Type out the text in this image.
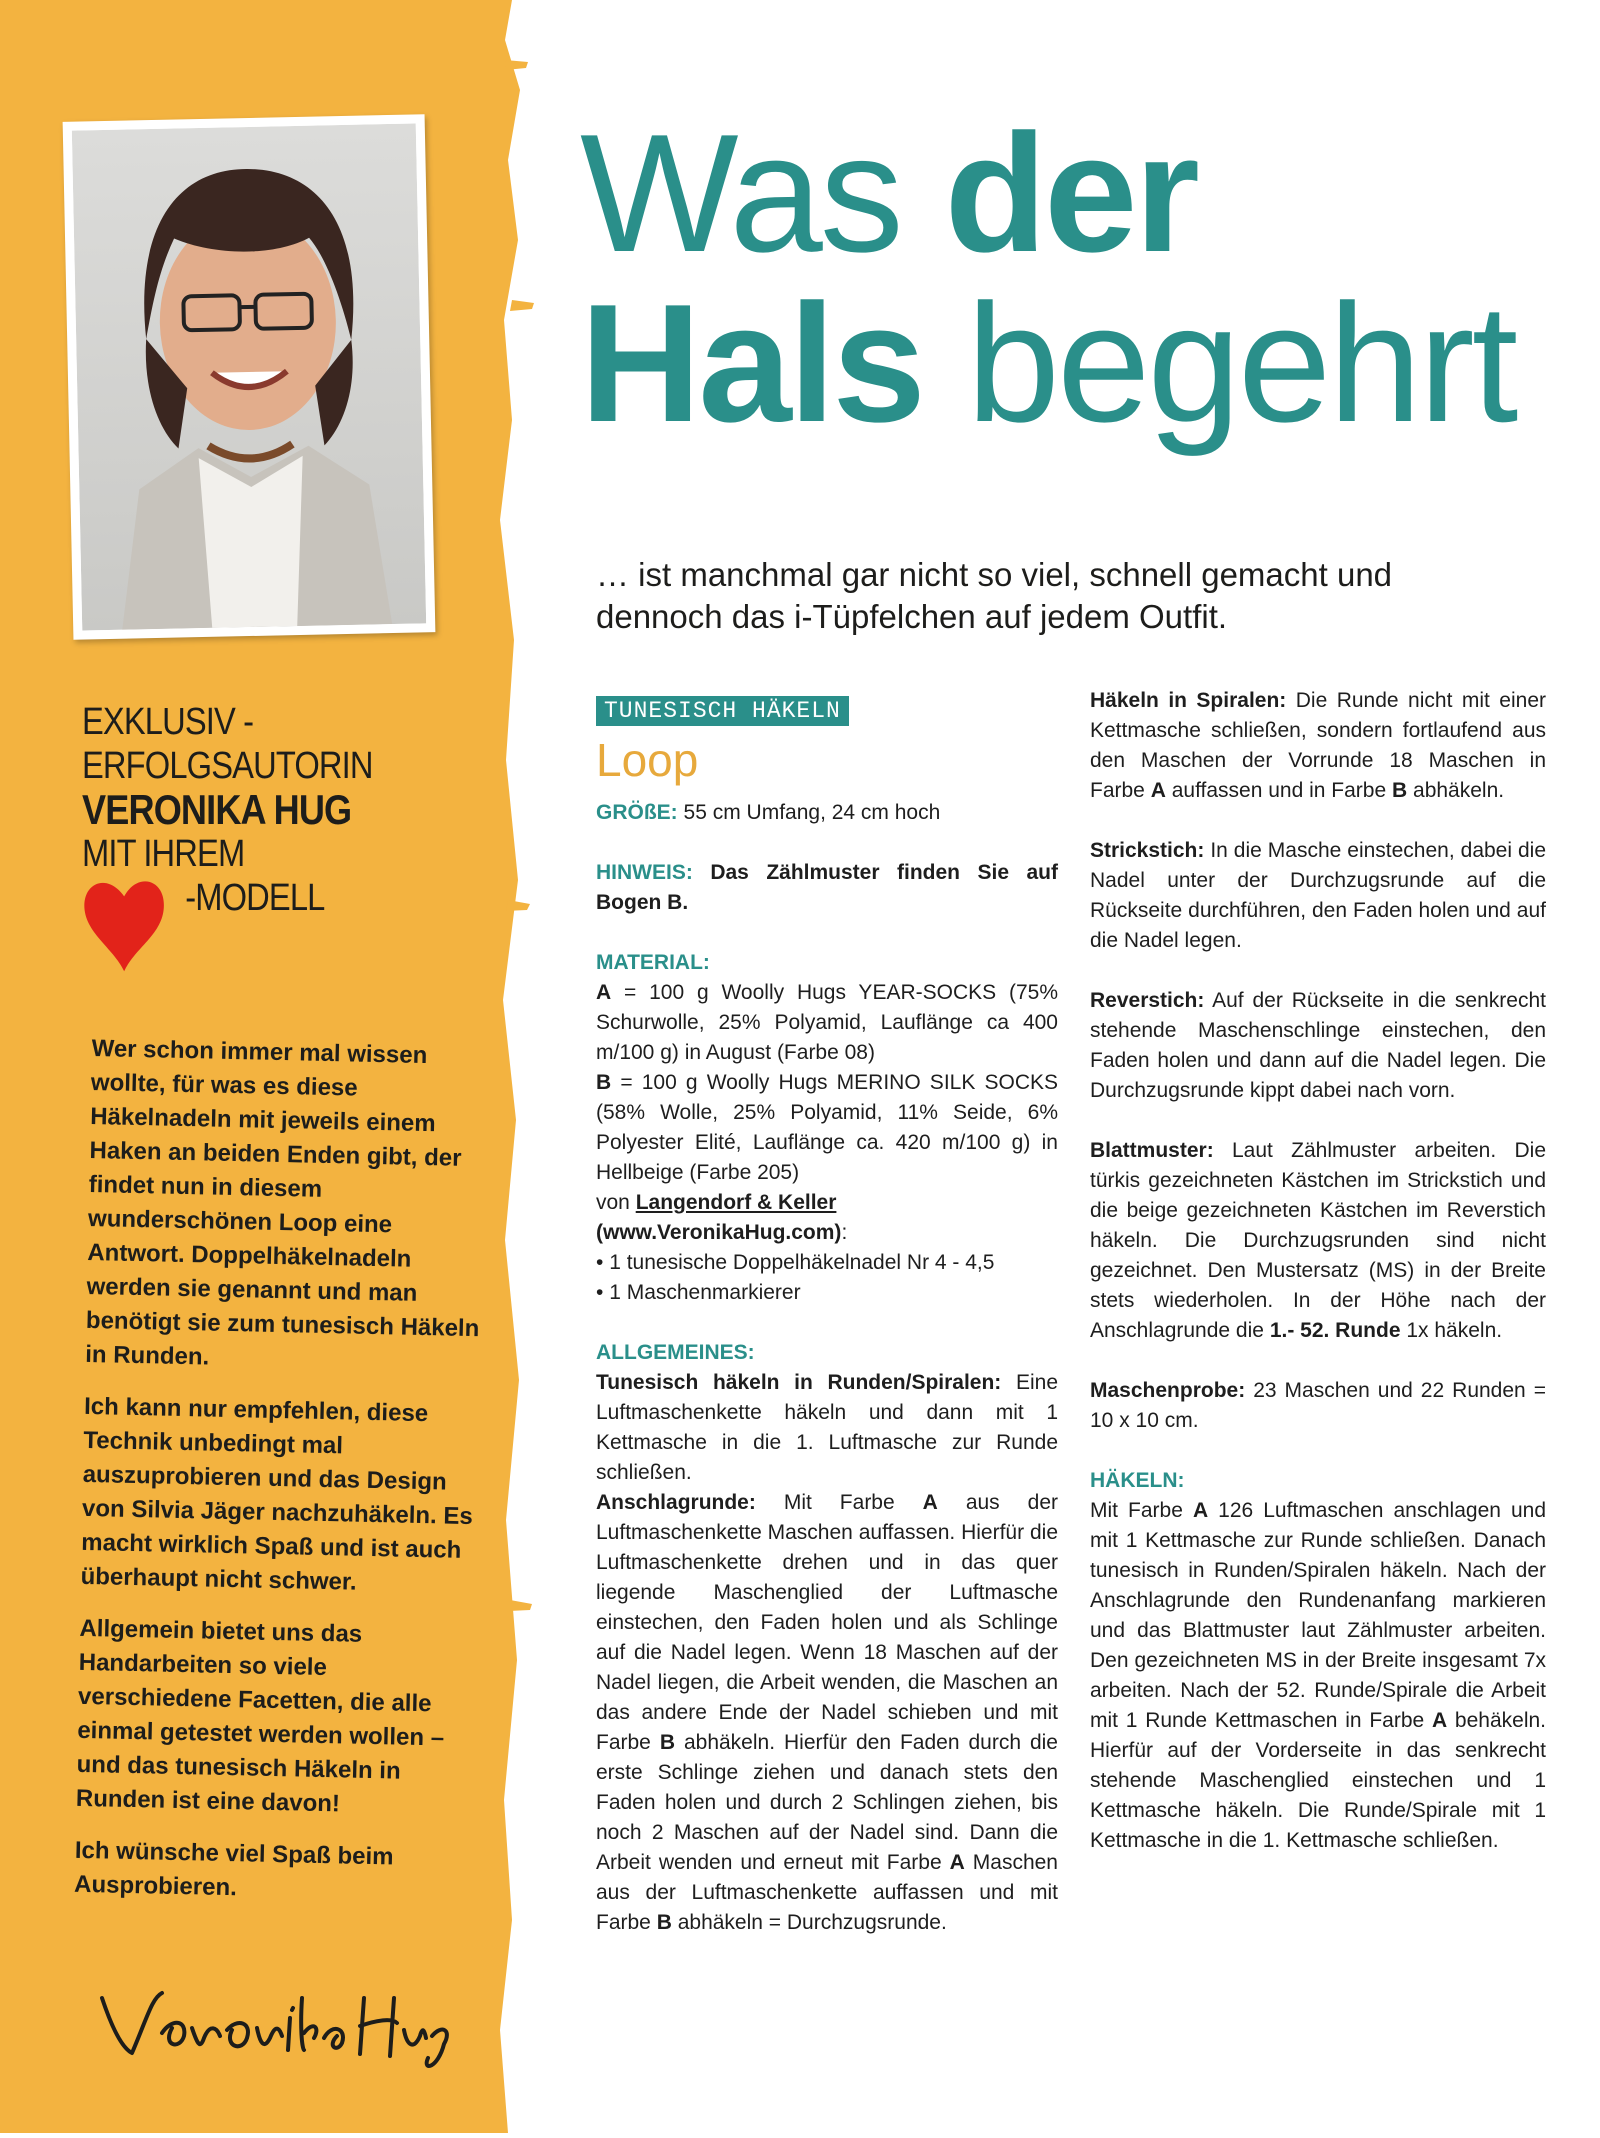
EXKLUSIV -
ERFOLGSAUTORIN
VERONIKA HUG
MIT IHREM
-MODELL

Wer schon immer mal wissen wollte, für was es diese Häkelnadeln mit jeweils einem Haken an beiden Enden gibt, der findet nun in diesem wunderschönen Loop eine Antwort. Doppelhäkelnadeln werden sie genannt und man benötigt sie zum tunesisch Häkeln in Runden.

Ich kann nur empfehlen, diese Technik unbedingt mal auszuprobieren und das Design von Silvia Jäger nachzuhäkeln. Es macht wirklich Spaß und ist auch überhaupt nicht schwer.

Allgemein bietet uns das Handarbeiten so viele verschiedene Facetten, die alle einmal getestet werden wollen – und das tunesisch Häkeln in Runden ist eine davon!

Ich wünsche viel Spaß beim Ausprobieren.

Was der
Hals begehrt
… ist manchmal gar nicht so viel, schnell gemacht und
dennoch das i-Tüpfelchen auf jedem Outfit.
TUNESISCH HÄKELN
Loop

GRÖßE: 55 cm Umfang, 24 cm hoch

HINWEIS: Das Zählmuster finden Sie auf Bogen B.

MATERIAL:

A = 100 g Woolly Hugs YEAR-SOCKS (75% Schurwolle, 25% Polyamid, Lauflänge ca 400 m/100 g) in August (Farbe 08)

B = 100 g Woolly Hugs MERINO SILK SOCKS (58% Wolle, 25% Polyamid, 11% Seide, 6% Polyester Elité, Lauflänge ca. 420 m/100 g) in Hellbeige (Farbe 205)

von Langendorf & Keller

(www.VeronikaHug.com):

• 1 tunesische Doppelhäkelnadel Nr 4 - 4,5

• 1 Maschenmarkierer

ALLGEMEINES:

Tunesisch häkeln in Runden/Spiralen: Eine Luftmaschenkette häkeln und dann mit 1 Kettmasche in die 1. Luftmasche zur Runde schließen.

Anschlagrunde: Mit Farbe A aus der Luftmaschenkette Maschen auffassen. Hierfür die Luftmaschenkette drehen und in das quer liegende Maschenglied der Luftmasche einstechen, den Faden holen und als Schlinge auf die Nadel legen. Wenn 18 Maschen auf der Nadel liegen, die Arbeit wenden, die Maschen an das andere Ende der Nadel schieben und mit Farbe B abhäkeln. Hierfür den Faden durch die erste Schlinge ziehen und danach stets den Faden holen und durch 2 Schlingen ziehen, bis noch 2 Maschen auf der Nadel sind. Dann die Arbeit wenden und erneut mit Farbe A Maschen aus der Luftmaschenkette auffassen und mit Farbe B abhäkeln = Durchzugsrunde.

Häkeln in Spiralen: Die Runde nicht mit einer Kettmasche schließen, sondern fortlaufend aus den Maschen der Vorrunde 18 Maschen in Farbe A auffassen und in Farbe B abhäkeln.

Strickstich: In die Masche einstechen, dabei die Nadel unter der Durchzugsrunde auf die Rückseite durchführen, den Faden holen und auf die Nadel legen.

Reverstich: Auf der Rückseite in die senkrecht stehende Maschenschlinge einstechen, den Faden holen und dann auf die Nadel legen. Die Durchzugsrunde kippt dabei nach vorn.

Blattmuster: Laut Zählmuster arbeiten. Die türkis gezeichneten Kästchen im Strickstich und die beige gezeichneten Kästchen im Reverstich häkeln. Die Durchzugsrunden sind nicht gezeichnet. Den Mustersatz (MS) in der Breite stets wiederholen. In der Höhe nach der Anschlagrunde die 1.- 52. Runde 1x häkeln.

Maschenprobe: 23 Maschen und 22 Runden = 10 x 10 cm.

HÄKELN:

Mit Farbe A 126 Luftmaschen anschlagen und mit 1 Kettmasche zur Runde schließen. Danach tunesisch in Runden/Spiralen häkeln. Nach der Anschlagrunde den Rundenanfang markieren und das Blattmuster laut Zählmuster arbeiten. Den gezeichneten MS in der Breite insgesamt 7x arbeiten. Nach der 52. Runde/Spirale die Arbeit mit 1 Runde Kettmaschen in Farbe A behäkeln. Hierfür auf der Vorderseite in das senkrecht stehende Maschenglied einstechen und 1 Kettmasche häkeln. Die Runde/Spirale mit 1 Kettmasche in die 1. Kettmasche schließen.
